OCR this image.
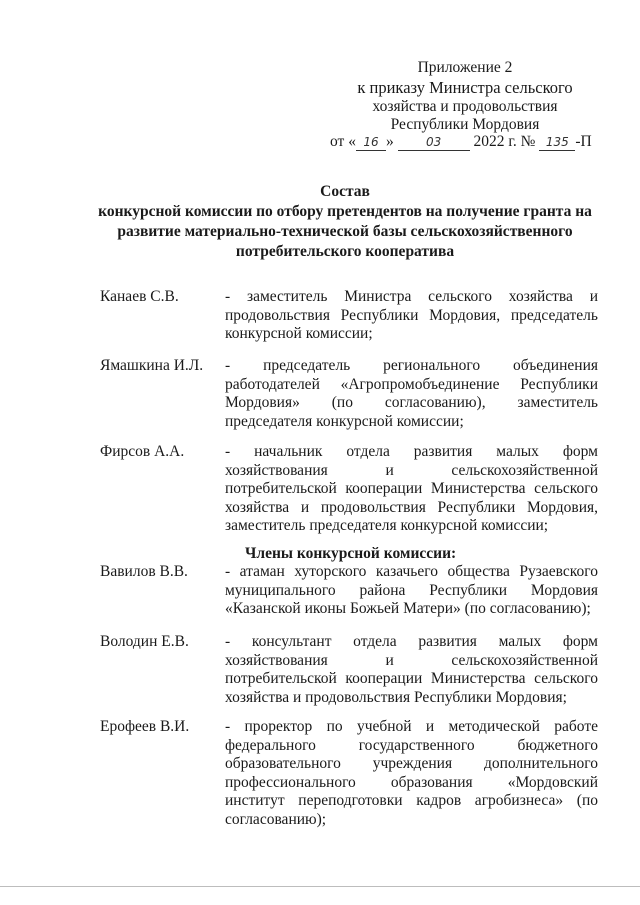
Приложение 2
к приказу Министра сельского
хозяйства и продовольствия
Республики Мордовия
от « 16 »	03 2022 г. № 135 -П
Состав
конкурсной комиссии по отбору претендентов на получение гранта на
развитие материально-технической базы сельскохозяйственного
потребительского кооператива
Канаев С.В.	- заместитель Министра сельского хозяйства и продовольствия Республики Мордовия, председатель конкурсной комиссии;
Ямашкина И.Л.	- председатель регионального объединения работодателей «Агропромобъединение Республики Мордовия» (по согласованию), заместитель председателя конкурсной комиссии;
Фирсов А.А.	- начальник отдела развития малых форм хозяйствования и сельскохозяйственной потребительской кооперации Министерства сельского хозяйства и продовольствия Республики Мордовия, заместитель председателя конкурсной комиссии;
Члены конкурсной комиссии:
Вавилов В.В.	- атаман хуторского казачьего общества Рузаевского муниципального района Республики Мордовия «Казанской иконы Божьей Матери» (по согласованию);
Володин Е.В.	- консультант отдела развития малых форм хозяйствования и сельскохозяйственной потребительской кооперации Министерства сельского хозяйства и продовольствия Республики Мордовия;
Ерофеев В.И.	- проректор по учебной и методической работе федерального государственного бюджетного образовательного учреждения дополнительного профессионального образования «Мордовский институт переподготовки кадров агробизнеса» (по согласованию);
